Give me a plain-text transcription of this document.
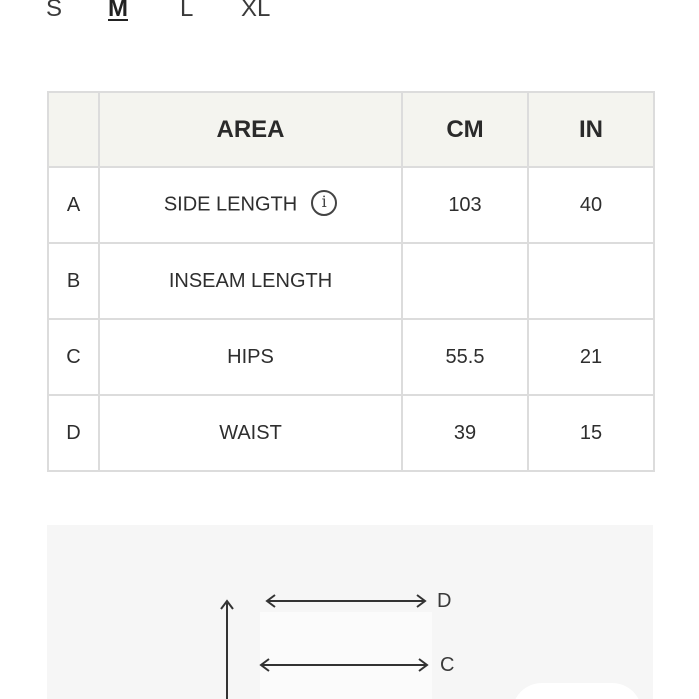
S M L XL
	AREA	CM	IN
A	SIDE LENGTH i	103	40
B	INSEAM LENGTH		
C	HIPS	55.5	21
D	WAIST	39	15
D
C
